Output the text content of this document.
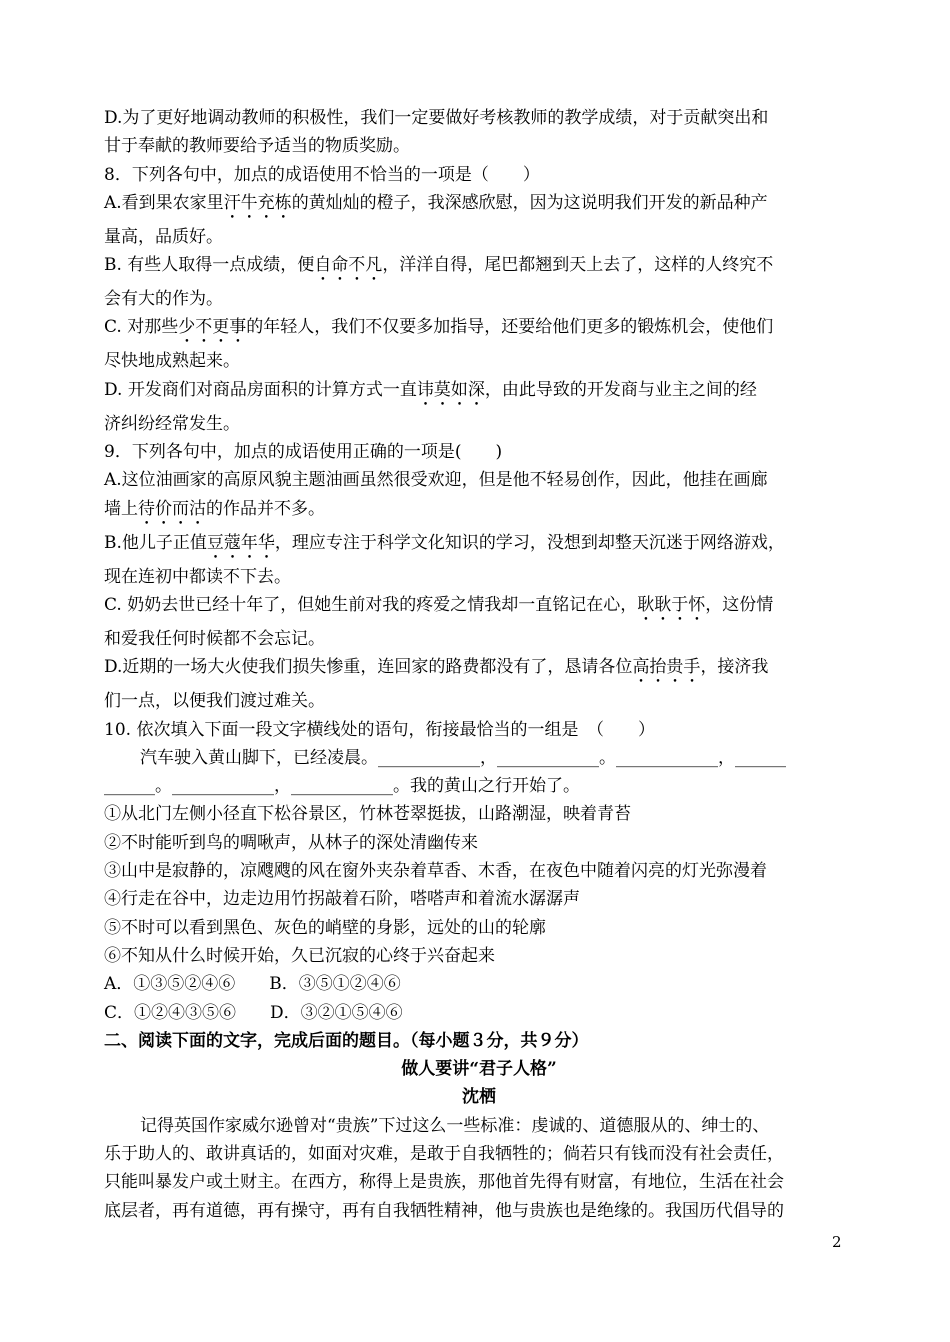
D.为了更好地调动教师的积极性，我们一定要做好考核教师的教学成绩，对于贡献突出和
甘于奉献的教师要给予适当的物质奖励。
8．下列各句中，加点的成语使用不恰当的一项是（　　）
A.看到果农家里汗牛充栋的黄灿灿的橙子，我深感欣慰，因为这说明我们开发的新品种产
量高，品质好。
B. 有些人取得一点成绩，便自命不凡，洋洋自得，尾巴都翘到天上去了，这样的人终究不
会有大的作为。
C. 对那些少不更事的年轻人，我们不仅要多加指导，还要给他们更多的锻炼机会，使他们
尽快地成熟起来。
D. 开发商们对商品房面积的计算方式一直讳莫如深，由此导致的开发商与业主之间的经
济纠纷经常发生。
9．下列各句中，加点的成语使用正确的一项是(　　)
A.这位油画家的高原风貌主题油画虽然很受欢迎，但是他不轻易创作，因此，他挂在画廊
墙上待价而沽的作品并不多。
B.他儿子正值豆蔻年华，理应专注于科学文化知识的学习，没想到却整天沉迷于网络游戏，
现在连初中都读不下去。
C. 奶奶去世已经十年了，但她生前对我的疼爱之情我却一直铭记在心，耿耿于怀，这份情
和爱我任何时候都不会忘记。
D.近期的一场大火使我们损失惨重，连回家的路费都没有了，恳请各位高抬贵手，接济我
们一点，以便我们渡过难关。
10. 依次填入下面一段文字横线处的语句，衔接最恰当的一组是　（　　）
汽车驶入黄山脚下，已经凌晨。____________，____________。____________，______
______。____________，____________。我的黄山之行开始了。
①从北门左侧小径直下松谷景区，竹林苍翠挺拔，山路潮湿，映着青苔
②不时能听到鸟的啁啾声，从林子的深处清幽传来
③山中是寂静的，凉飕飕的风在窗外夹杂着草香、木香，在夜色中随着闪亮的灯光弥漫着
④行走在谷中，边走边用竹拐敲着石阶，嗒嗒声和着流水潺潺声
⑤不时可以看到黑色、灰色的峭壁的身影，远处的山的轮廓
⑥不知从什么时候开始，久已沉寂的心终于兴奋起来
A．①③⑤②④⑥　　B．③⑤①②④⑥
C．①②④③⑤⑥　　D．③②①⑤④⑥
二、阅读下面的文字，完成后面的题目。（每小题３分，共９分）
做人要讲“君子人格”
沈栖
记得英国作家威尔逊曾对“贵族”下过这么一些标准：虔诚的、道德服从的、绅士的、
乐于助人的、敢讲真话的，如面对灾难，是敢于自我牺牲的；倘若只有钱而没有社会责任，
只能叫暴发户或土财主。在西方，称得上是贵族，那他首先得有财富，有地位，生活在社会
底层者，再有道德，再有操守，再有自我牺牲精神，他与贵族也是绝缘的。我国历代倡导的
2
